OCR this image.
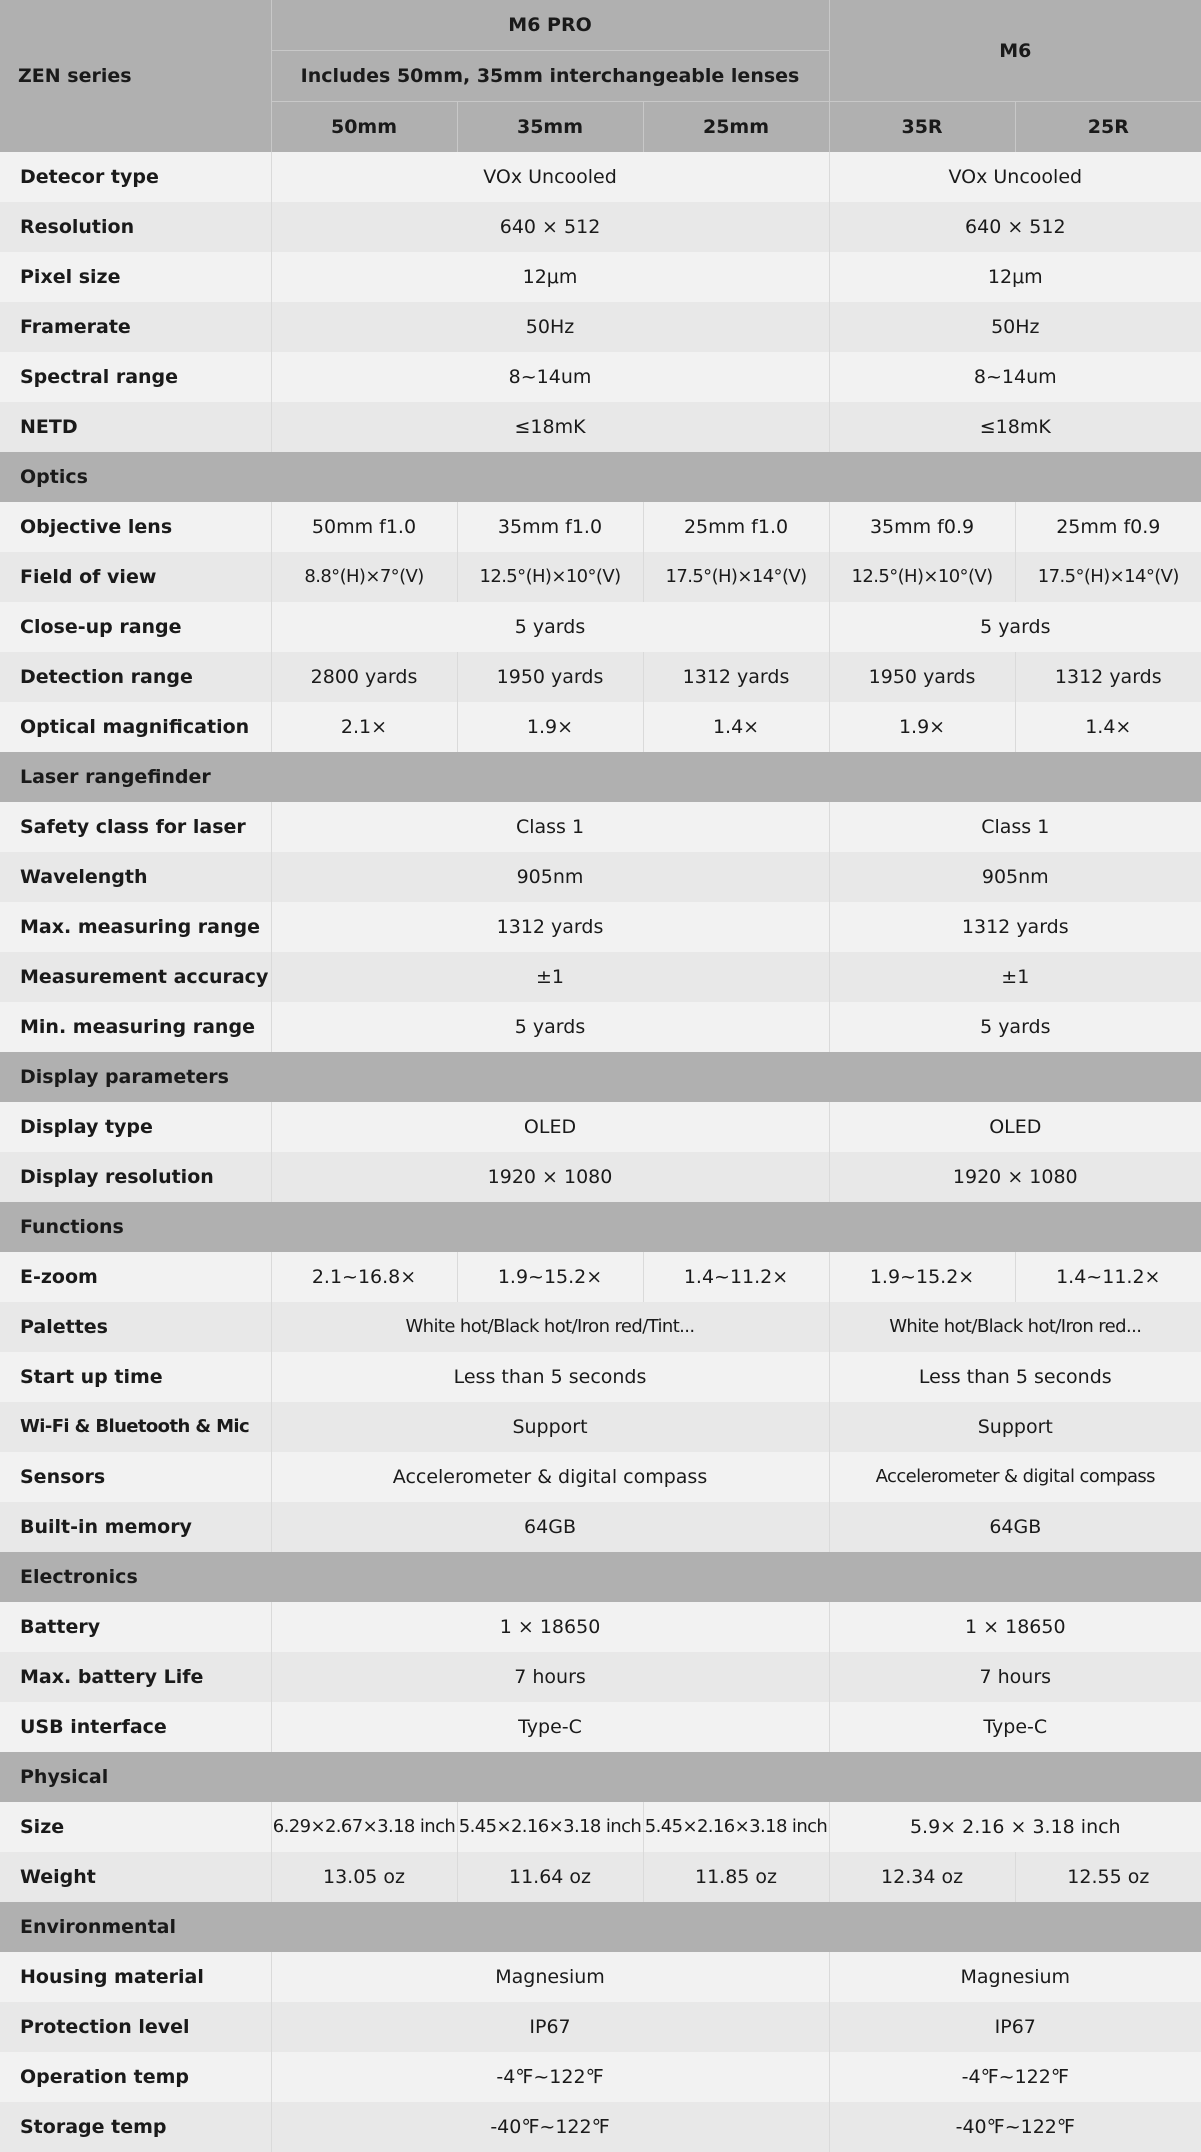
ZEN series	M6 PRO			M6	
	Includes 50mm, 35mm interchangeable lenses				
	50mm	35mm	25mm	35R	25R
Detecor type	VOx Uncooled			VOx Uncooled	
Resolution	640 × 512			640 × 512	
Pixel size	12μm			12μm	
Framerate	50Hz			50Hz	
Spectral range	8~14um			8~14um	
NETD	≤18mK			≤18mK	
Optics					
Objective lens	50mm f1.0	35mm f1.0	25mm f1.0	35mm f0.9	25mm f0.9
Field of view	8.8°(H)×7°(V)	12.5°(H)×10°(V)	17.5°(H)×14°(V)	12.5°(H)×10°(V)	17.5°(H)×14°(V)
Close-up range	5 yards			5 yards	
Detection range	2800 yards	1950 yards	1312 yards	1950 yards	1312 yards
Optical magnification	2.1×	1.9×	1.4×	1.9×	1.4×
Laser rangefinder					
Safety class for laser	Class 1			Class 1	
Wavelength	905nm			905nm	
Max. measuring range	1312 yards			1312 yards	
Measurement accuracy	±1			±1	
Min. measuring range	5 yards			5 yards	
Display parameters					
Display type	OLED			OLED	
Display resolution	1920 × 1080			1920 × 1080	
Functions					
E-zoom	2.1~16.8×	1.9~15.2×	1.4~11.2×	1.9~15.2×	1.4~11.2×
Palettes	White hot/Black hot/Iron red/Tint...			White hot/Black hot/Iron red...	
Start up time	Less than 5 seconds			Less than 5 seconds	
Wi-Fi & Bluetooth & Mic	Support			Support	
Sensors	Accelerometer & digital compass			Accelerometer & digital compass	
Built-in memory	64GB			64GB	
Electronics					
Battery	1 × 18650			1 × 18650	
Max. battery Life	7 hours			7 hours	
USB interface	Type-C			Type-C	
Physical					
Size	6.29×2.67×3.18 inch	5.45×2.16×3.18 inch	5.45×2.16×3.18 inch	5.9× 2.16 × 3.18 inch	
Weight	13.05 oz	11.64 oz	11.85 oz	12.34 oz	12.55 oz
Environmental					
Housing material	Magnesium			Magnesium	
Protection level	IP67			IP67	
Operation temp	-4℉~122℉			-4℉~122℉	
Storage temp	-40℉~122℉			-40℉~122℉	
